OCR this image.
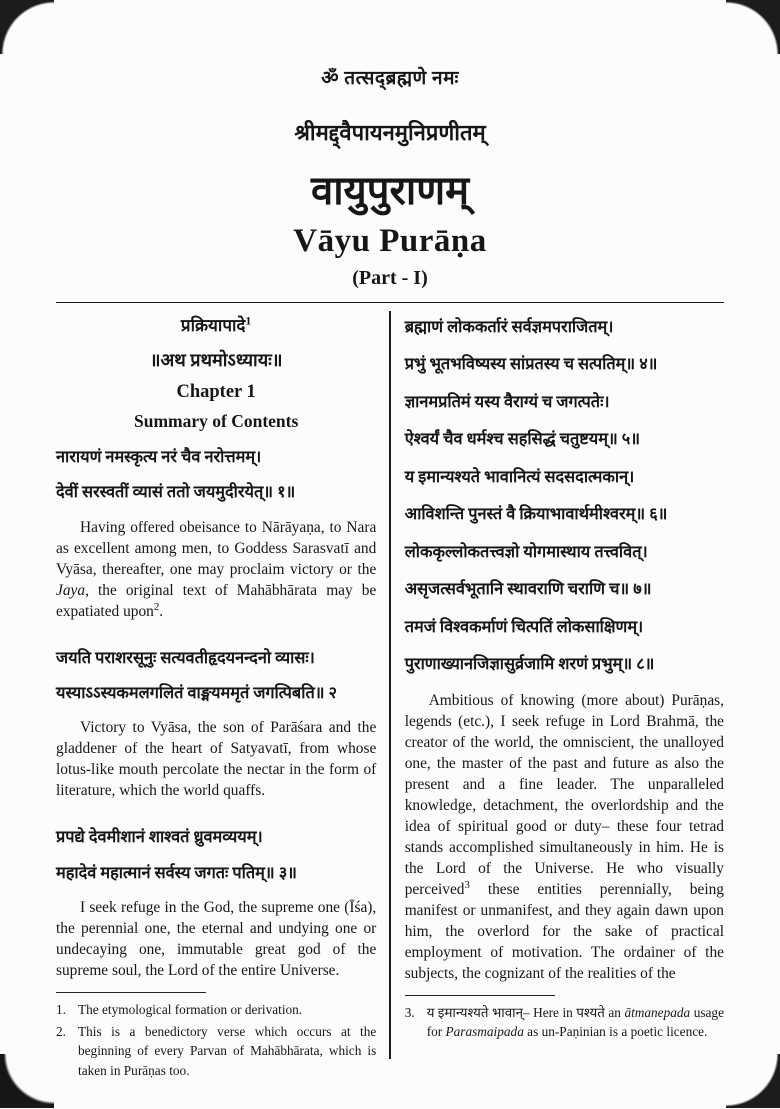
ॐ तत्सद्ब्रह्मणे नमः
श्रीमद्द्वैपायनमुनिप्रणीतम्
वायुपुराणम्
Vāyu Purāṇa
(Part - I)
प्रक्रियापादे$^1$
॥अथ प्रथमोऽध्यायः॥
Chapter 1
Summary of Contents
नारायणं नमस्कृत्य नरं चैव नरोत्तमम्।
देवीं सरस्वतीं व्यासं ततो जयमुदीरयेत्॥ १॥

Having offered obeisance to Nārāyaṇa, to Nara as excellent among men, to Goddess Sarasvatī and Vyāsa, thereafter, one may proclaim victory or the Jaya, the original text of Mahābhārata may be expatiated upon$^2$.

जयति पराशरसूनुः सत्यवतीहृदयनन्दनो व्यासः।
यस्याऽऽस्यकमलगलितं वाङ्मयममृतं जगत्पिबति॥ २

Victory to Vyāsa, the son of Parāśara and the gladdener of the heart of Satyavatī, from whose lotus-like mouth percolate the nectar in the form of literature, which the world quaffs.

प्रपद्ये देवमीशानं शाश्वतं ध्रुवमव्ययम्।
महादेवं महात्मानं सर्वस्य जगतः पतिम्॥ ३॥

I seek refuge in the God, the supreme one (Īśa), the perennial one, the eternal and undying one or undecaying one, immutable great god of the supreme soul, the Lord of the entire Universe.

1. The etymological formation or derivation.
2. This is a benedictory verse which occurs at the beginning of every Parvan of Mahābhārata, which is taken in Purāṇas too.
ब्रह्माणं लोककर्तारं सर्वज्ञमपराजितम्।
प्रभुं भूतभविष्यस्य सांप्रतस्य च सत्पतिम्॥ ४॥
ज्ञानमप्रतिमं यस्य वैराग्यं च जगत्पतेः।
ऐश्वर्यं चैव धर्मश्च सहसिद्धं चतुष्टयम्॥ ५॥
य इमान्यश्यते भावानित्यं सदसदात्मकान्।
आविशन्ति पुनस्तं वै क्रियाभावार्थमीश्वरम्॥ ६॥
लोककृल्लोकतत्त्वज्ञो योगमास्थाय तत्त्ववित्।
असृजत्सर्वभूतानि स्थावराणि चराणि च॥ ७॥
तमजं विश्वकर्माणं चित्पतिं लोकसाक्षिणम्।
पुराणाख्यानजिज्ञासुर्व्रजामि शरणं प्रभुम्॥ ८॥

Ambitious of knowing (more about) Purāṇas, legends (etc.), I seek refuge in Lord Brahmā, the creator of the world, the omniscient, the unalloyed one, the master of the past and future as also the present and a fine leader. The unparalleled knowledge, detachment, the overlordship and the idea of spiritual good or duty– these four tetrad stands accomplished simultaneously in him. He is the Lord of the Universe. He who visually perceived$^3$ these entities perennially, being manifest or unmanifest, and they again dawn upon him, the overlord for the sake of practical employment of motivation. The ordainer of the subjects, the cognizant of the realities of the

3. य इमान्यश्यते भावान्– Here in पश्यते an ātmanepada usage for Parasmaipada as un-Paṇinian is a poetic licence.
